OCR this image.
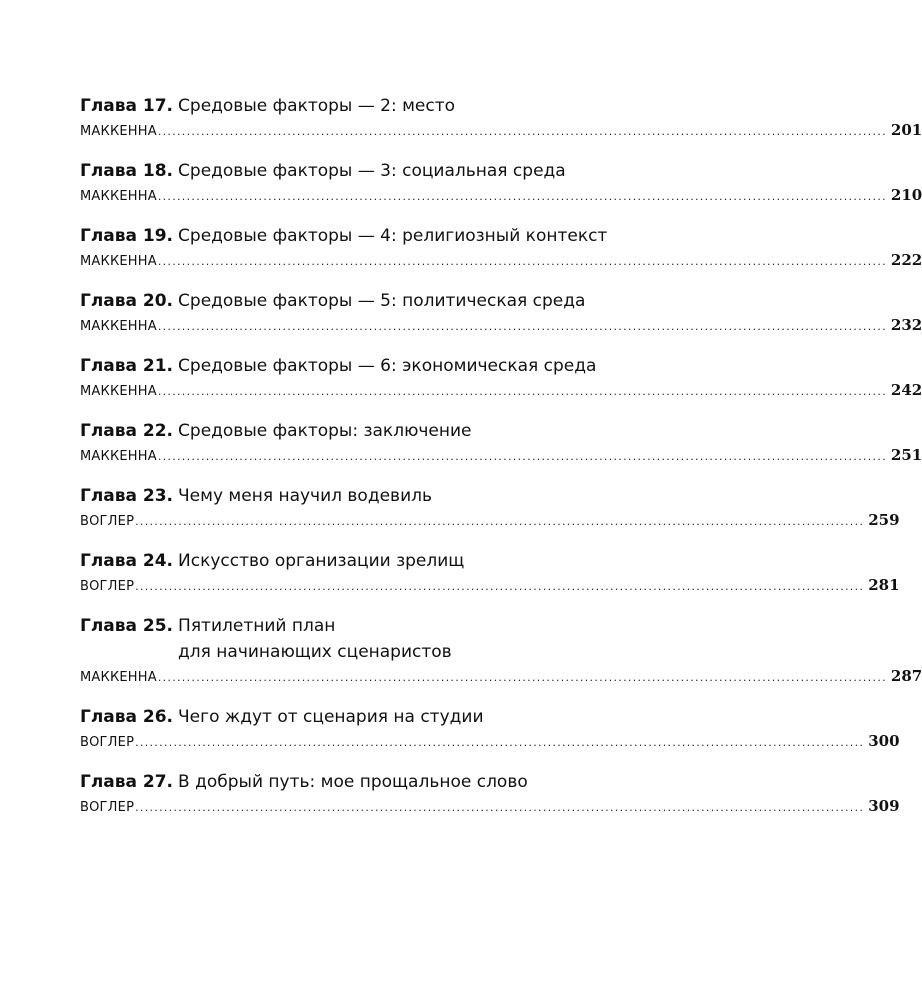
Глава 17. Средовые факторы — 2: место
МАККЕННА ........................................................................................................................................................ 201
Глава 18. Средовые факторы — 3: социальная среда
МАККЕННА ........................................................................................................................................................ 210
Глава 19. Средовые факторы — 4: религиозный контекст
МАККЕННА ........................................................................................................................................................ 222
Глава 20. Средовые факторы — 5: политическая среда
МАККЕННА ........................................................................................................................................................ 232
Глава 21. Средовые факторы — 6: экономическая среда
МАККЕННА ........................................................................................................................................................ 242
Глава 22. Средовые факторы: заключение
МАККЕННА ........................................................................................................................................................ 251
Глава 23. Чему меня научил водевиль
ВОГЛЕР ........................................................................................................................................................ 259
Глава 24. Искусство организации зрелищ
ВОГЛЕР ........................................................................................................................................................ 281
Глава 25. Пятилетний план
для начинающих сценаристов
МАККЕННА ........................................................................................................................................................ 287
Глава 26. Чего ждут от сценария на студии
ВОГЛЕР ........................................................................................................................................................ 300
Глава 27. В добрый путь: мое прощальное слово
ВОГЛЕР ........................................................................................................................................................ 309
